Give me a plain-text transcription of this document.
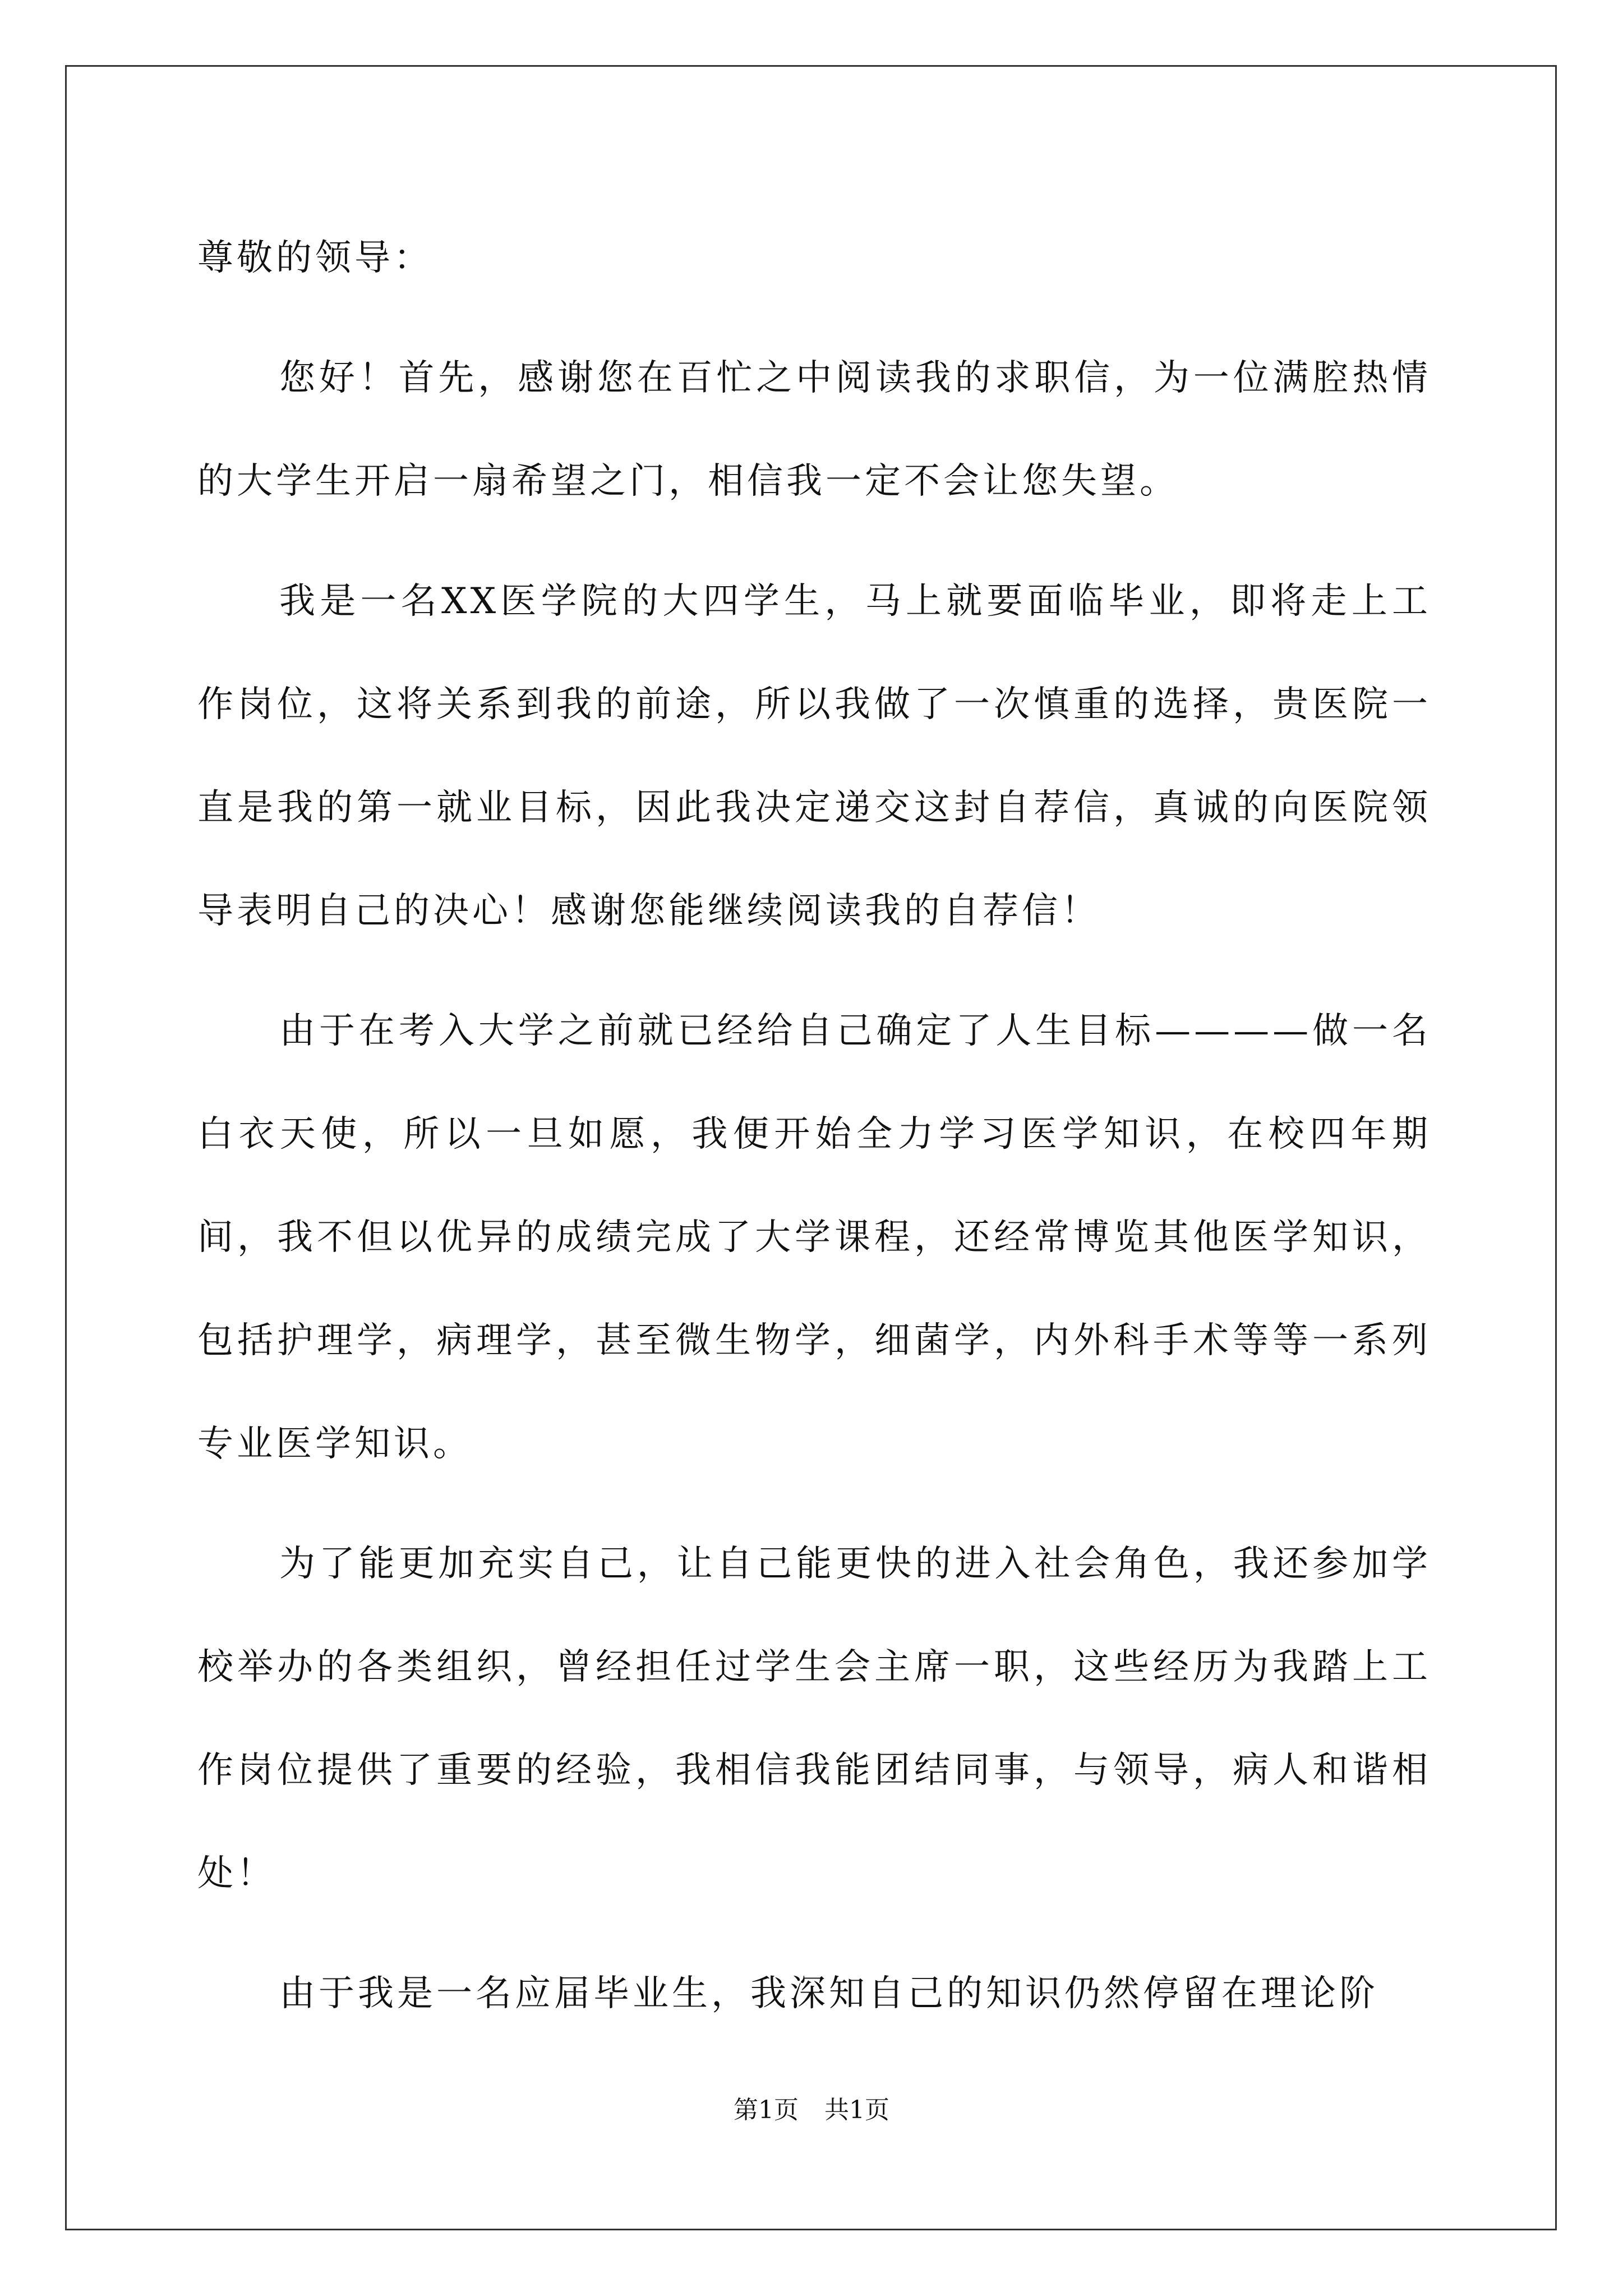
尊敬的领导：

您好！首先，感谢您在百忙之中阅读我的求职信，为一位满腔热情的大学生开启一扇希望之门，相信我一定不会让您失望。

我是一名XX医学院的大四学生，马上就要面临毕业，即将走上工作岗位，这将关系到我的前途，所以我做了一次慎重的选择，贵医院一直是我的第一就业目标，因此我决定递交这封自荐信，真诚的向医院领导表明自己的决心！感谢您能继续阅读我的自荐信！

由于在考入大学之前就已经给自己确定了人生目标————做一名白衣天使，所以一旦如愿，我便开始全力学习医学知识，在校四年期间，我不但以优异的成绩完成了大学课程，还经常博览其他医学知识，包括护理学，病理学，甚至微生物学，细菌学，内外科手术等等一系列专业医学知识。

为了能更加充实自己，让自己能更快的进入社会角色，我还参加学校举办的各类组织，曾经担任过学生会主席一职，这些经历为我踏上工作岗位提供了重要的经验，我相信我能团结同事，与领导，病人和谐相处！

由于我是一名应届毕业生，我深知自己的知识仍然停留在理论阶

第1页 共1页
